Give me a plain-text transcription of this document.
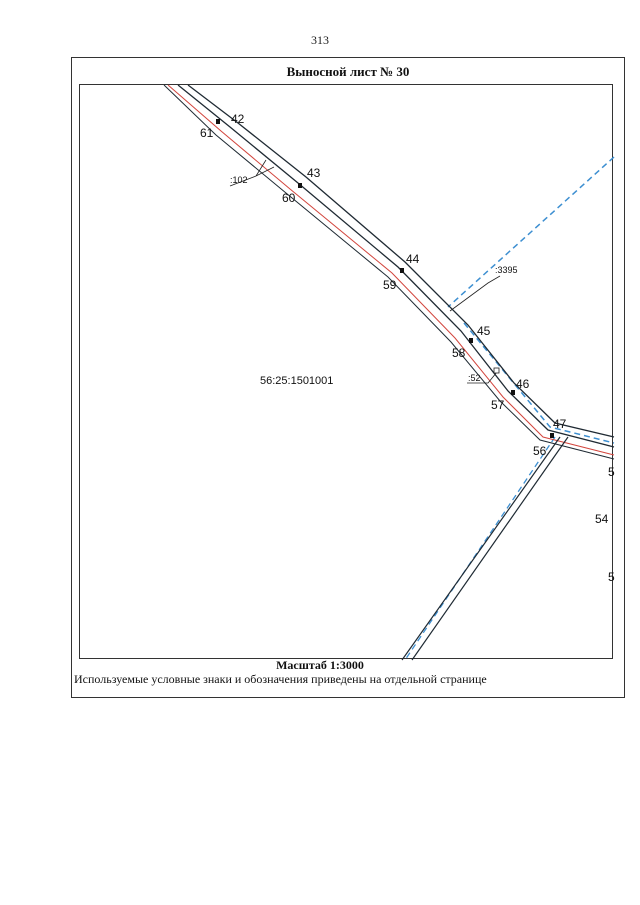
313
Выносной лист № 30
42
43
44
45
46
47
61
60
59
58
57
56
5
54
5
:102
:3395
:52
56:25:1501001
Масштаб 1:3000
Используемые условные знаки и обозначения приведены на отдельной странице
